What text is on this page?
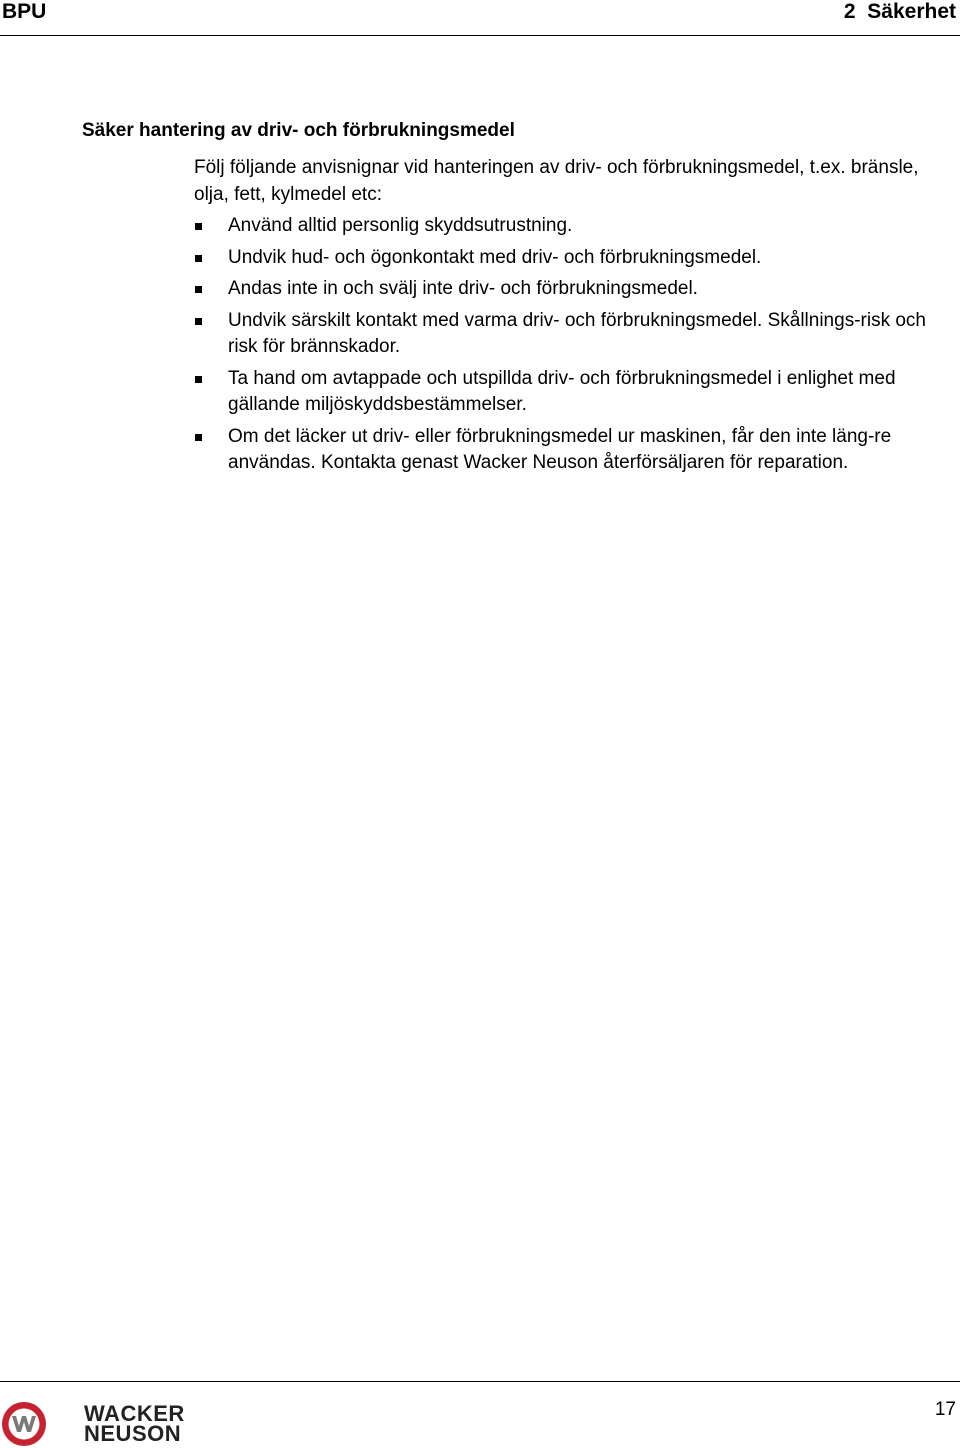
BPU	2  Säkerhet
Säker hantering av driv- och förbrukningsmedel

Följ följande anvisnignar vid hanteringen av driv- och förbrukningsmedel, t.ex. bränsle, olja, fett, kylmedel etc:

Använd alltid personlig skyddsutrustning.
Undvik hud- och ögonkontakt med driv- och förbrukningsmedel.
Andas inte in och svälj inte driv- och förbrukningsmedel.
Undvik särskilt kontakt med varma driv- och förbrukningsmedel. Skållnings-risk och risk för brännskador.
Ta hand om avtappade och utspillda driv- och förbrukningsmedel i enlighet med gällande miljöskyddsbestämmelser.
Om det läcker ut driv- eller förbrukningsmedel ur maskinen, får den inte läng-re användas. Kontakta genast Wacker Neuson återförsäljaren för reparation.
WACKER
NEUSON
17
